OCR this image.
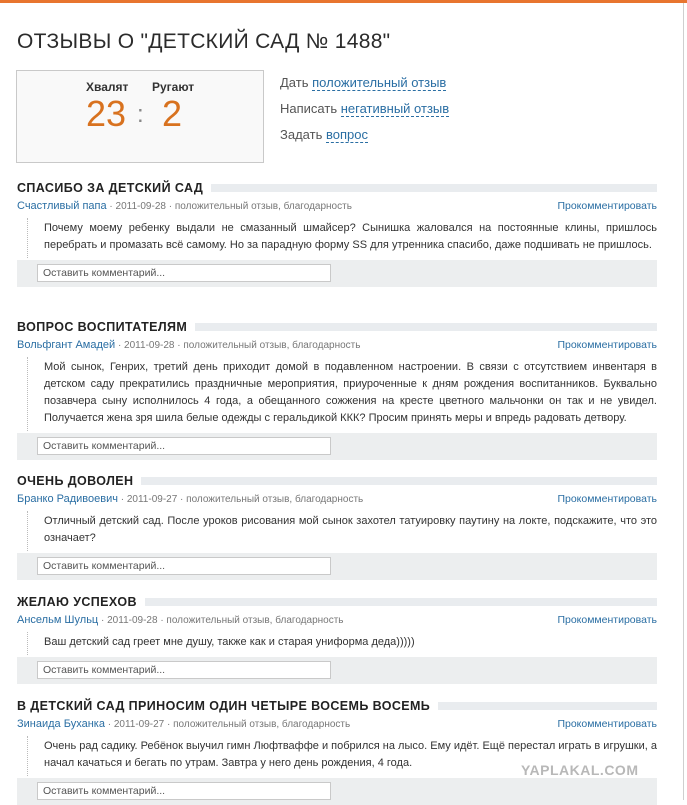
ОТЗЫВЫ О "ДЕТСКИЙ САД № 1488"
Хвалят Ругают
23 : 2
Дать положительный отзыв
Написать негативный отзыв
Задать вопрос
СПАСИБО ЗА ДЕТСКИЙ САД
Счастливый папа · 2011-09-28 · положительный отзыв, благодарность	Прокомментировать
Почему моему ребенку выдали не смазанный шмайсер? Сынишка жаловался на постоянные клины, пришлось перебрать и промазать всё самому. Но за парадную форму SS для утренника спасибо, даже подшивать не пришлось.
Оставить комментарий...
ВОПРОС ВОСПИТАТЕЛЯМ
Вольфгант Амадей · 2011-09-28 · положительный отзыв, благодарность	Прокомментировать
Мой сынок, Генрих, третий день приходит домой в подавленном настроении. В связи с отсутствием инвентаря в детском саду прекратились праздничные мероприятия, приуроченные к дням рождения воспитанников. Буквально позавчера сыну исполнилось 4 года, а обещанного сожжения на кресте цветного мальчонки он так и не увидел. Получается жена зря шила белые одежды с геральдикой ККК? Просим принять меры и впредь радовать детвору.
Оставить комментарий...
ОЧЕНЬ ДОВОЛЕН
Бранко Радивоевич · 2011-09-27 · положительный отзыв, благодарность	Прокомментировать
Отличный детский сад. После уроков рисования мой сынок захотел татуировку паутину на локте, подскажите, что это означает?
Оставить комментарий...
ЖЕЛАЮ УСПЕХОВ
Ансельм Шульц · 2011-09-28 · положительный отзыв, благодарность	Прокомментировать
Ваш детский сад греет мне душу, также как и старая униформа деда)))))
Оставить комментарий...
В ДЕТСКИЙ САД ПРИНОСИМ ОДИН ЧЕТЫРЕ ВОСЕМЬ ВОСЕМЬ
Зинаида Буханка · 2011-09-27 · положительный отзыв, благодарность	Прокомментировать
Очень рад садику. Ребёнок выучил гимн Люфтваффе и побрился на лысо. Ему идёт. Ещё перестал играть в игрушки, а начал качаться и бегать по утрам. Завтра у него день рождения, 4 года.
Оставить комментарий...
YAPLAKAL.COM
